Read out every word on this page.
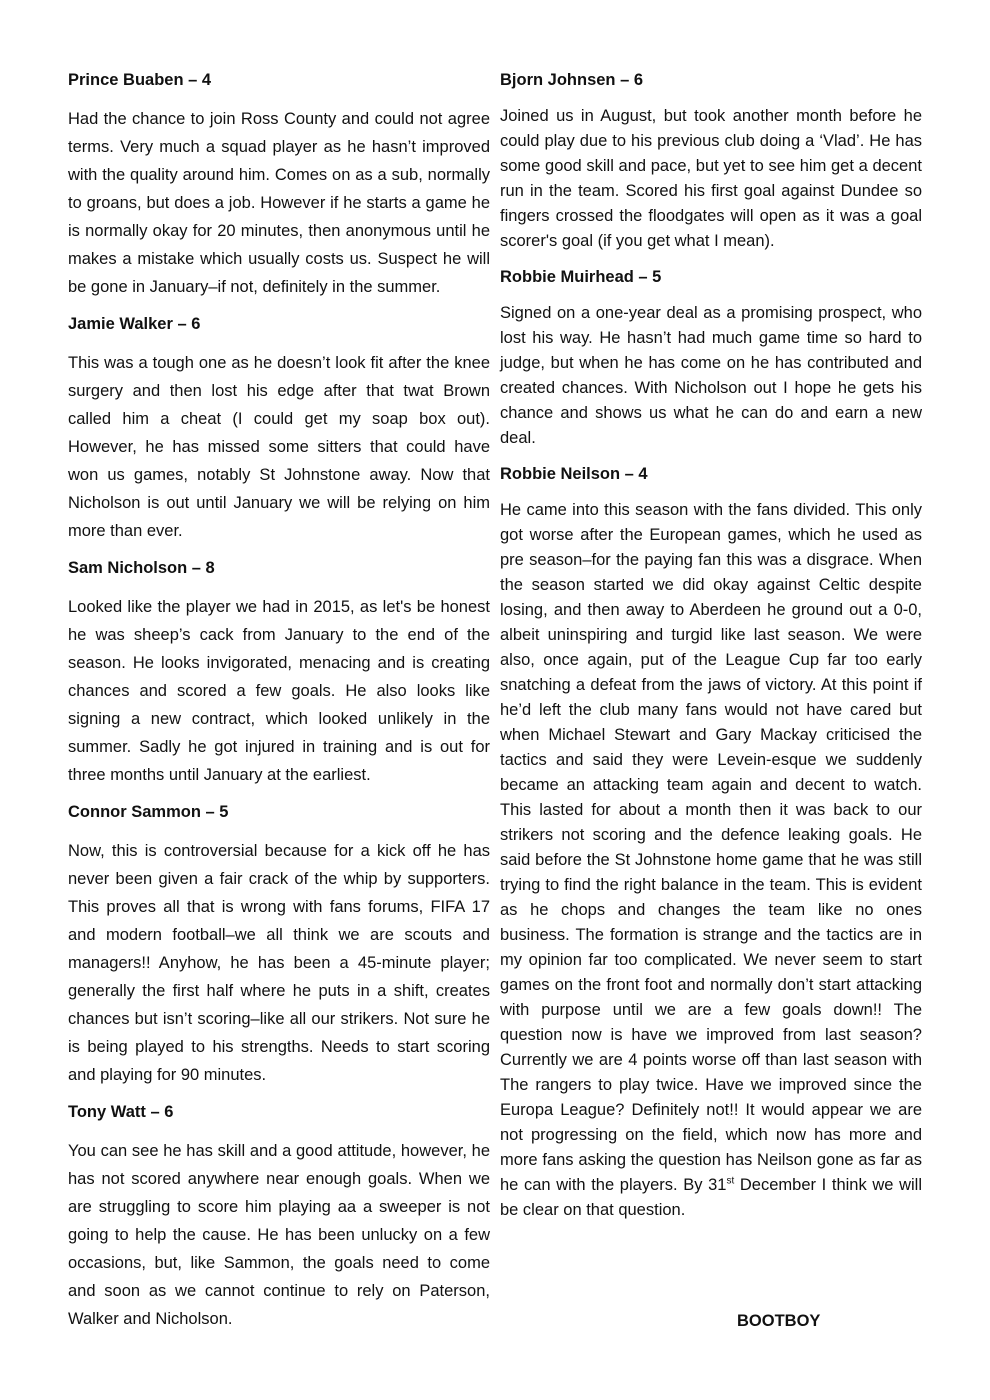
Prince Buaben – 4

Had the chance to join Ross County and could not agree terms. Very much a squad player as he hasn’t improved with the quality around him. Comes on as a sub, normally to groans, but does a job. However if he starts a game he is normally okay for 20 minutes, then anonymous until he makes a mistake which usually costs us. Suspect he will be gone in January–if not, definitely in the summer.

Jamie Walker – 6

This was a tough one as he doesn’t look fit after the knee surgery and then lost his edge after that twat Brown called him a cheat (I could get my soap box out). However, he has missed some sitters that could have won us games, notably St Johnstone away. Now that Nicholson is out until January we will be relying on him more than ever.

Sam Nicholson – 8

Looked like the player we had in 2015, as let's be honest he was sheep’s cack from January to the end of the season. He looks invigorated, menacing and is creating chances and scored a few goals. He also looks like signing a new contract, which looked unlikely in the summer. Sadly he got injured in training and is out for three months until January at the earliest.

Connor Sammon – 5

Now, this is controversial because for a kick off he has never been given a fair crack of the whip by supporters. This proves all that is wrong with fans forums, FIFA 17 and modern football–we all think we are scouts and managers!! Anyhow, he has been a 45-minute player; generally the first half where he puts in a shift, creates chances but isn’t scoring–like all our strikers. Not sure he is being played to his strengths. Needs to start scoring and playing for 90 minutes.

Tony Watt – 6

You can see he has skill and a good attitude, however, he has not scored anywhere near enough goals. When we are struggling to score him playing aa a sweeper is not going to help the cause. He has been unlucky on a few occasions, but, like Sammon, the goals need to come and soon as we cannot continue to rely on Paterson, Walker and Nicholson.

Bjorn Johnsen – 6

Joined us in August, but took another month before he could play due to his previous club doing a ‘Vlad’. He has some good skill and pace, but yet to see him get a decent run in the team. Scored his first goal against Dundee so fingers crossed the floodgates will open as it was a goal scorer's goal (if you get what I mean).

Robbie Muirhead – 5

Signed on a one-year deal as a promising prospect, who lost his way. He hasn’t had much game time so hard to judge, but when he has come on he has contributed and created chances. With Nicholson out I hope he gets his chance and shows us what he can do and earn a new deal.

Robbie Neilson – 4

He came into this season with the fans divided. This only got worse after the European games, which he used as pre season–for the paying fan this was a disgrace. When the season started we did okay against Celtic despite losing, and then away to Aberdeen he ground out a 0-0, albeit uninspiring and turgid like last season. We were also, once again, put of the League Cup far too early snatching a defeat from the jaws of victory. At this point if he’d left the club many fans would not have cared but when Michael Stewart and Gary Mackay criticised the tactics and said they were Levein-esque we suddenly became an attacking team again and decent to watch. This lasted for about a month then it was back to our strikers not scoring and the defence leaking goals. He said before the St Johnstone home game that he was still trying to find the right balance in the team. This is evident as he chops and changes the team like no ones business. The formation is strange and the tactics are in my opinion far too complicated. We never seem to start games on the front foot and normally don’t start attacking with purpose until we are a few goals down!! The question now is have we improved from last season? Currently we are 4 points worse off than last season with The rangers to play twice. Have we improved since the Europa League? Definitely not!! It would appear we are not progressing on the field, which now has more and more fans asking the question has Neilson gone as far as he can with the players. By 31st December I think we will be clear on that question.

BOOTBOY
